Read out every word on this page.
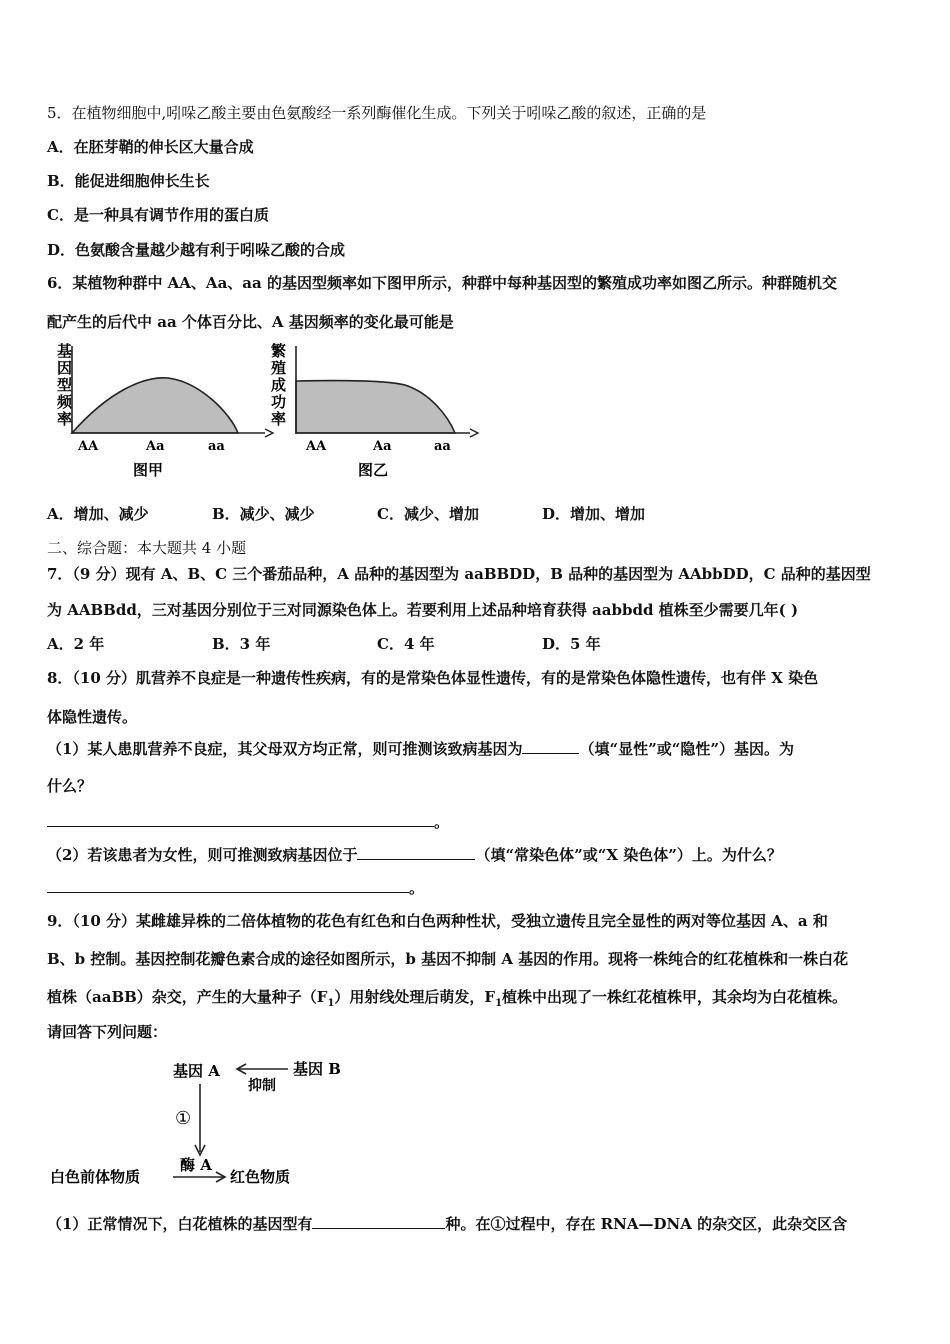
5．在植物细胞中,吲哚乙酸主要由色氨酸经一系列酶催化生成。下列关于吲哚乙酸的叙述，正确的是
A．在胚芽鞘的伸长区大量合成
B．能促进细胞伸长生长
C．是一种具有调节作用的蛋白质
D．色氨酸含量越少越有利于吲哚乙酸的合成
6．某植物种群中 AA、Aa、aa 的基因型频率如下图甲所示，种群中每种基因型的繁殖成功率如图乙所示。种群随机交
配产生的后代中 aa 个体百分比、A 基因频率的变化最可能是
基
因
型
频
率
AA	Aa	aa
图甲
繁
殖
成
功
率
AA	Aa	aa
图乙
A．增加、减少	B．减少、减少	C．减少、增加	D．增加、增加
二、综合题：本大题共 4 小题
7．（9 分）现有 A、B、C 三个番茄品种，A 品种的基因型为 aaBBDD，B 品种的基因型为 AAbbDD，C 品种的基因型
为 AABBdd，三对基因分别位于三对同源染色体上。若要利用上述品种培育获得 aabbdd 植株至少需要几年( )
A．2 年	B．3 年	C．4 年	D．5 年
8．（10 分）肌营养不良症是一种遗传性疾病，有的是常染色体显性遗传，有的是常染色体隐性遗传，也有伴 X 染色
体隐性遗传。
（1）某人患肌营养不良症，其父母双方均正常，则可推测该致病基因为	（填“显性”或“隐性”）基因。为
什么？
。
（2）若该患者为女性，则可推测致病基因位于	（填“常染色体”或“X 染色体”）上。为什么？
。
9．（10 分）某雌雄异株的二倍体植物的花色有红色和白色两种性状，受独立遗传且完全显性的两对等位基因 A、a 和
B、b 控制。基因控制花瓣色素合成的途径如图所示，b 基因不抑制 A 基因的作用。现将一株纯合的红花植株和一株白花
植株（aaBB）杂交，产生的大量种子$(F_1)$用射线处理后萌发，$F_1$植株中出现了一株红花植株甲，其余均为白花植株。
请回答下列问题：
基因 A	基因 B
抑制
①
酶 A
白色前体物质	红色物质
（1）正常情况下，白花植株的基因型有	种。在①过程中，存在 RNA—DNA 的杂交区，此杂交区含
